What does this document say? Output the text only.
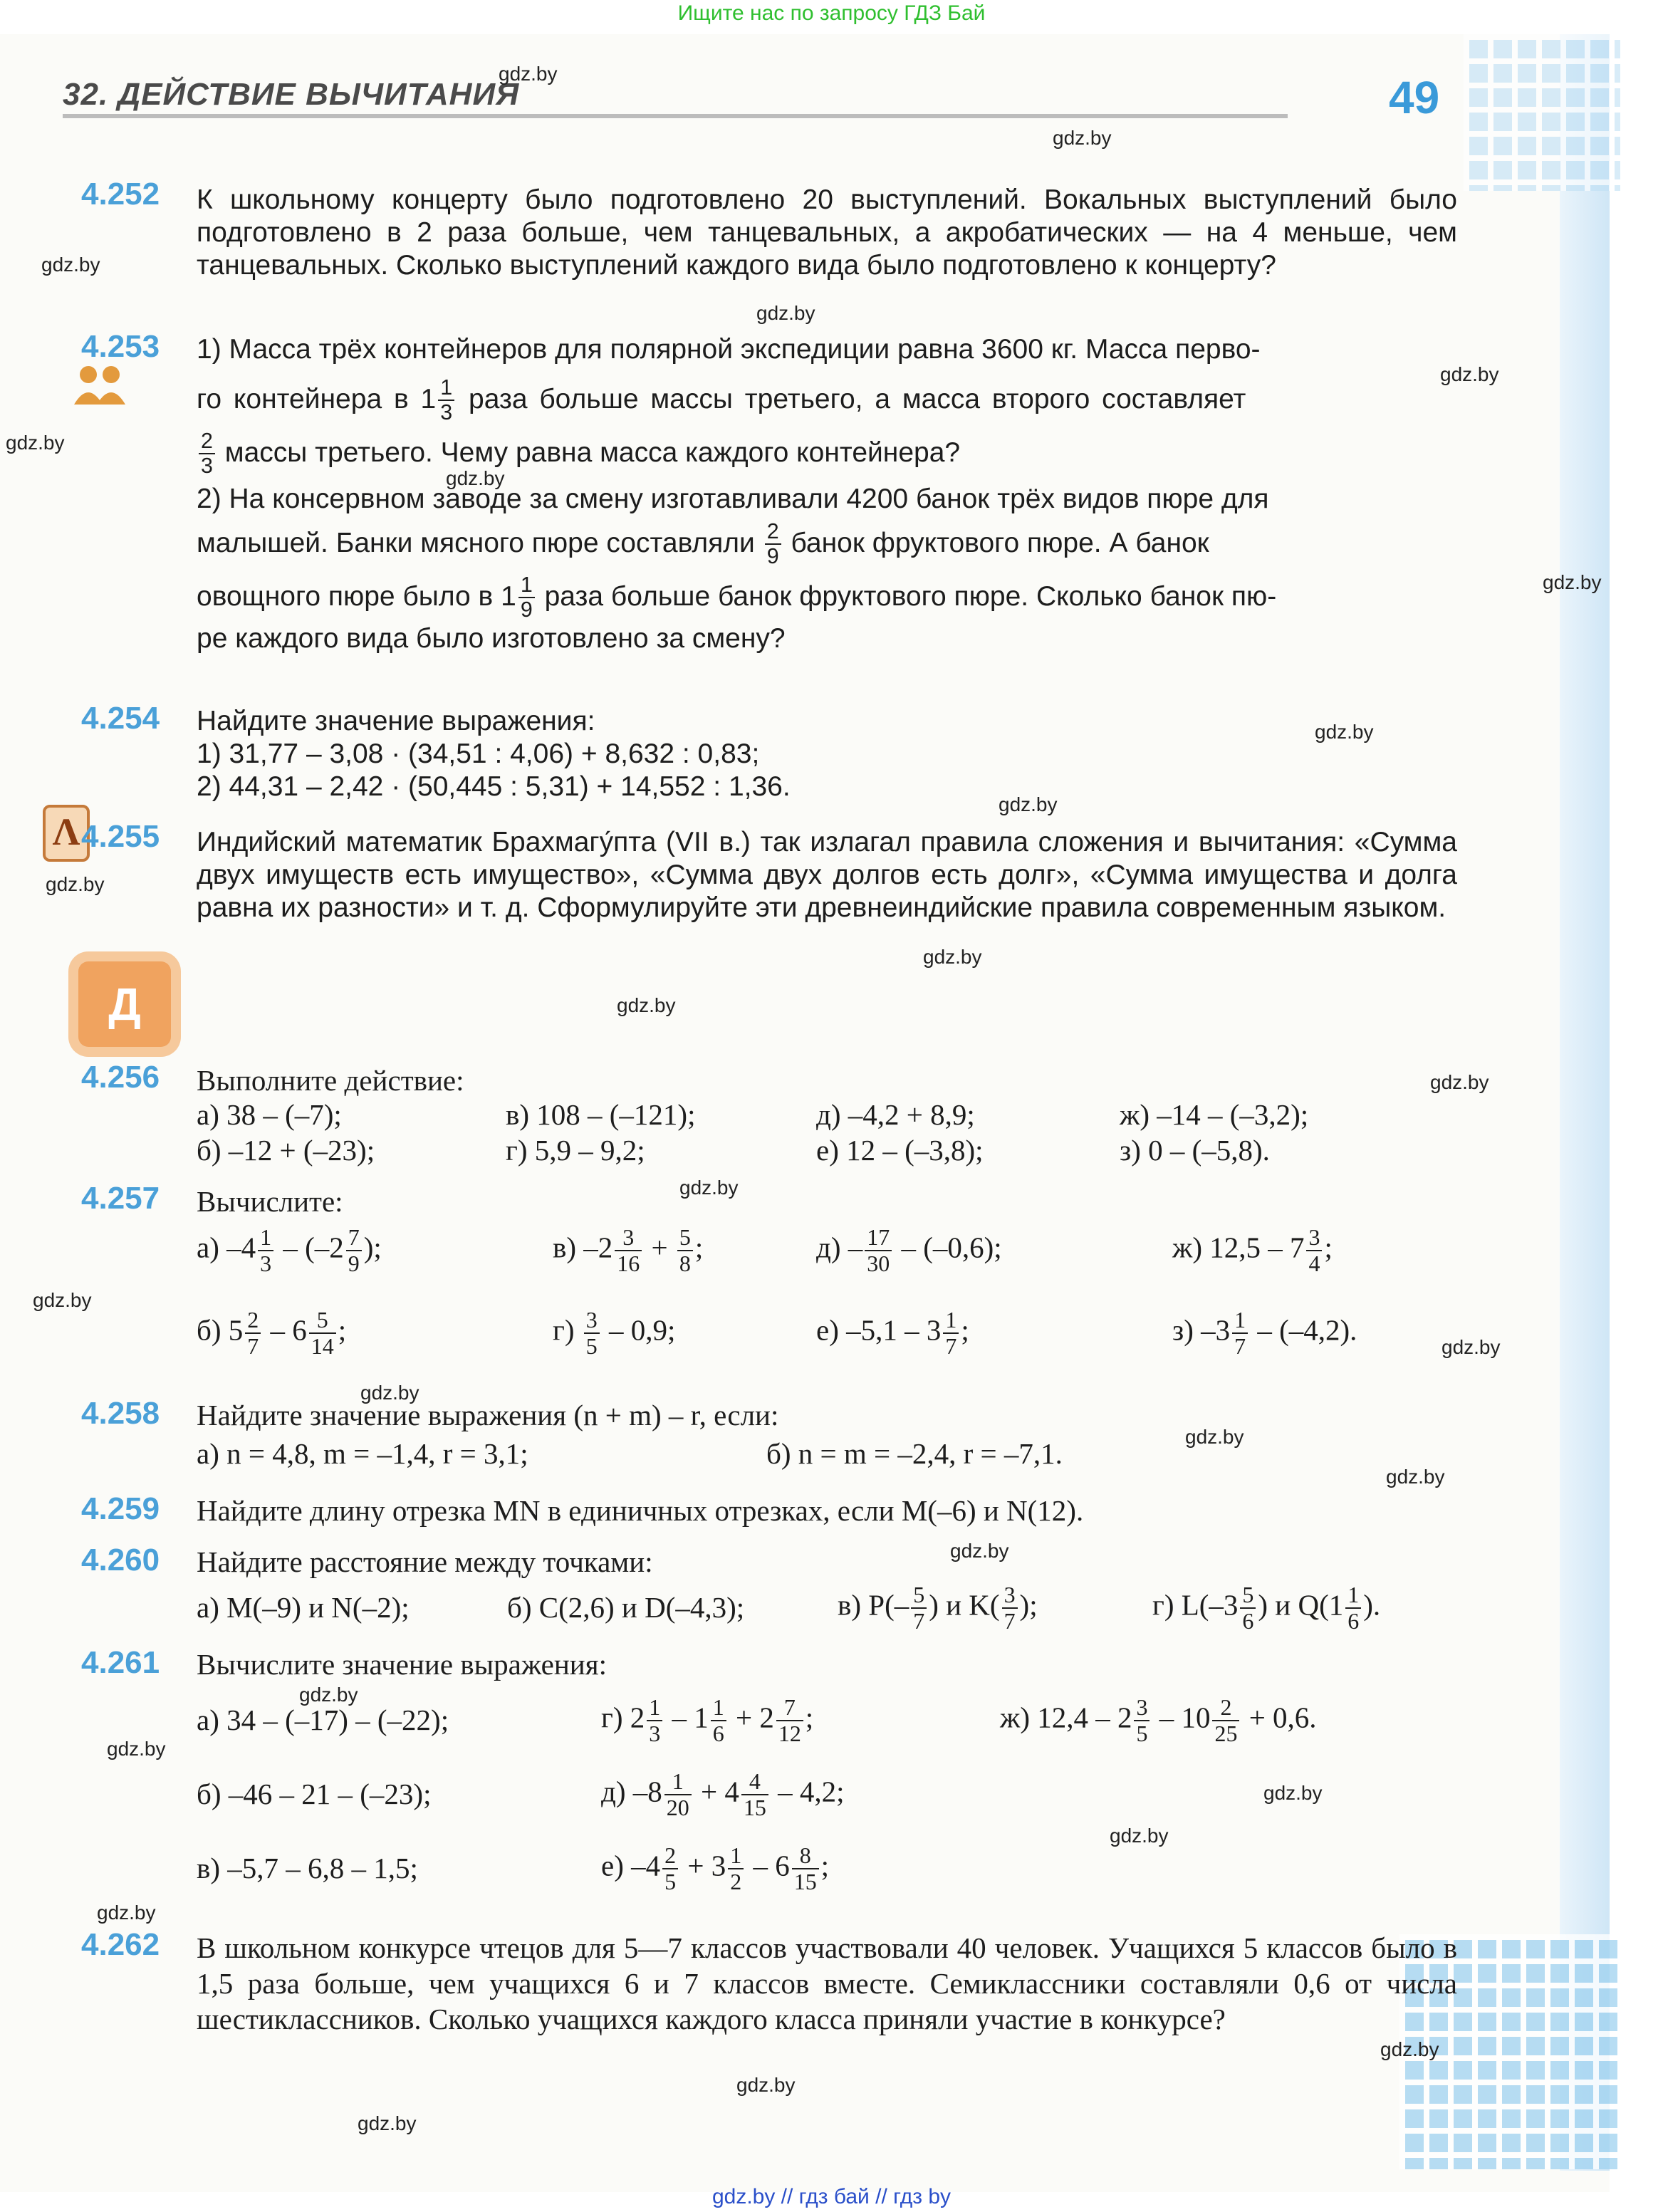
Ищите нас по запросу ГДЗ Бай
32. ДЕЙСТВИЕ ВЫЧИТАНИЯ	49
gdz.by
gdz.by
gdz.by
gdz.by
gdz.by
gdz.by
gdz.by
gdz.by
gdz.by
gdz.by
gdz.by
gdz.by
gdz.by
gdz.by
gdz.by
gdz.by
gdz.by
gdz.by
gdz.by
gdz.by
gdz.by
gdz.by
gdz.by
gdz.by
gdz.by
gdz.by
gdz.by
gdz.by
gdz.by
Λ
Д
4.252 К школьному концерту было подготовлено 20 выступлений. Вокальных выступлений было подготовлено в 2 раза больше, чем танцевальных, а акробатических — на 4 меньше, чем танцевальных. Сколько выступлений каждого вида было подготовлено к концерту?
4.253 1) Масса трёх контейнеров для полярной экспедиции равна 3600 кг. Масса перво-
го контейнера в $1 \frac{1}{3}$ раза больше массы третьего, а масса второго составляет
$\frac{2}{3}$ массы третьего. Чему равна масса каждого контейнера?
2) На консервном заводе за смену изготавливали 4200 банок трёх видов пюре для
малышей. Банки мясного пюре составляли $\frac{2}{9}$ банок фруктового пюре. А банок
овощного пюре было в $1 \frac{1}{9}$ раза больше банок фруктового пюре. Сколько банок пю-
ре каждого вида было изготовлено за смену?
4.254 Найдите значение выражения:
1) 31,77 – 3,08 · (34,51 : 4,06) + 8,632 : 0,83;
2) 44,31 – 2,42 · (50,445 : 5,31) + 14,552 : 1,36.
4.255 Индийский математик Брахмагу́пта (VII в.) так излагал правила сложения и вычитания: «Сумма двух имуществ есть имущество», «Сумма двух долгов есть долг», «Сумма имущества и долга равна их разности» и т. д. Сформулируйте эти древнеиндийские правила современным языком.
4.256 Выполните действие:
а) 38 – (–7);	в) 108 – (–121);	д) –4,2 + 8,9;	ж) –14 – (–3,2);
б) –12 + (–23);	г) 5,9 – 9,2;	е) 12 – (–3,8);	з) 0 – (–5,8).
4.257 Вычислите:
а) $-4 \frac{1}{3} - (-2 \frac{7}{9}$ );	в) $-2 \frac{3}{16} + \frac{5}{8}$ ;	$д) - \frac{17}{30} - (-0,6)$;	ж) $12,5 - 7 \frac{3}{4}$ ;
б) $5 \frac{2}{7} - 6 \frac{5}{14}$ ;	$г) \frac{3}{5} - 0,9$;	е) $-5,1 - 3 \frac{1}{7}$ ;	з) $-3 \frac{1}{7} - (-4,2)$.
4.258 Найдите значение выражения (n + m) – r, если:
а) n = 4,8, m = –1,4, r = 3,1;	б) n = m = –2,4, r = –7,1.
4.259 Найдите длину отрезка MN в единичных отрезках, если M(–6) и N(12).
4.260 Найдите расстояние между точками:
а) M(–9) и N(–2);	б) C(2,6) и D(–4,3);	в) $P(- \frac{5}{7}$ ) и $K( \frac{3}{7}$ );	г) $L(-3 \frac{5}{6}$ ) и $Q(1 \frac{1}{6}$ ).
4.261 Вычислите значение выражения:
а) 34 – (–17) – (–22);	г) $2 \frac{1}{3} - 1 \frac{1}{6} + 2 \frac{7}{12}$ ;	ж) $12,4 - 2 \frac{3}{5} - 10 \frac{2}{25} + 0,6$.
б) –46 – 21 – (–23);	д) $-8 \frac{1}{20} + 4 \frac{4}{15} - 4,2$;
в) –5,7 – 6,8 – 1,5;	е) $-4 \frac{2}{5} + 3 \frac{1}{2} - 6 \frac{8}{15}$ ;
4.262 В школьном конкурсе чтецов для 5—7 классов участвовали 40 человек. Учащихся 5 классов было в 1,5 раза больше, чем учащихся 6 и 7 классов вместе. Семиклассники составляли 0,6 от числа шестиклассников. Сколько учащихся каждого класса приняли участие в конкурсе?
gdz.by // гдз бай // гдз by
